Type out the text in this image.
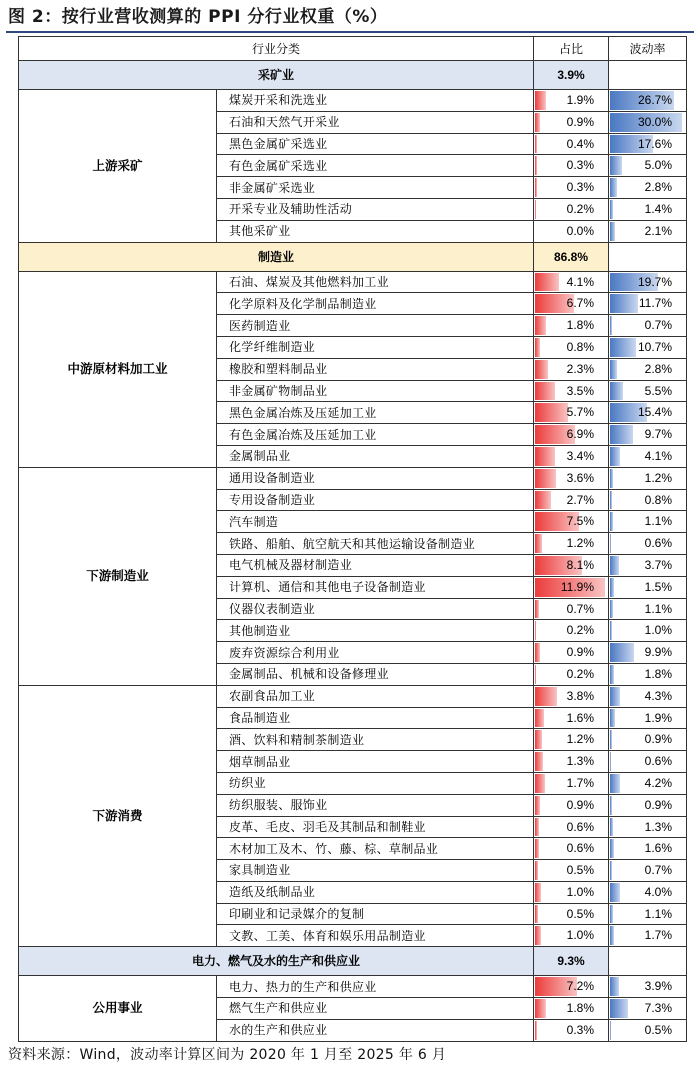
图 2：按行业营收测算的 PPI 分行业权重（%）
行业分类		占比	波动率
采矿业		3.9%	
上游采矿	煤炭开采和洗选业	1.9%	26.7%

	石油和天然气开采业	0.9%	30.0%

	黑色金属矿采选业	0.4%	17.6%

	有色金属矿采选业	0.3%	5.0%

	非金属矿采选业	0.3%	2.8%

	开采专业及辅助性活动	0.2%	1.4%

	其他采矿业	0.0%	2.1%

制造业		86.8%	
中游原材料加工业	石油、煤炭及其他燃料加工业	4.1%	19.7%

	化学原料及化学制品制造业	6.7%	11.7%

	医药制造业	1.8%	0.7%

	化学纤维制造业	0.8%	10.7%

	橡胶和塑料制品业	2.3%	2.8%

	非金属矿物制品业	3.5%	5.5%

	黑色金属冶炼及压延加工业	5.7%	15.4%

	有色金属冶炼及压延加工业	6.9%	9.7%

	金属制品业	3.4%	4.1%

下游制造业	通用设备制造业	3.6%	1.2%

	专用设备制造业	2.7%	0.8%

	汽车制造	7.5%	1.1%

	铁路、船舶、航空航天和其他运输设备制造业	1.2%	0.6%

	电气机械及器材制造业	8.1%	3.7%

	计算机、通信和其他电子设备制造业	11.9%	1.5%

	仪器仪表制造业	0.7%	1.1%

	其他制造业	0.2%	1.0%

	废弃资源综合利用业	0.9%	9.9%

	金属制品、机械和设备修理业	0.2%	1.8%

下游消费	农副食品加工业	3.8%	4.3%

	食品制造业	1.6%	1.9%

	酒、饮料和精制茶制造业	1.2%	0.9%

	烟草制品业	1.3%	0.6%

	纺织业	1.7%	4.2%

	纺织服装、服饰业	0.9%	0.9%

	皮革、毛皮、羽毛及其制品和制鞋业	0.6%	1.3%

	木材加工及木、竹、藤、棕、草制品业	0.6%	1.6%

	家具制造业	0.5%	0.7%

	造纸及纸制品业	1.0%	4.0%

	印刷业和记录媒介的复制	0.5%	1.1%

	文教、工美、体育和娱乐用品制造业	1.0%	1.7%

电力、燃气及水的生产和供应业		9.3%	
公用事业	电力、热力的生产和供应业	7.2%	3.9%

	燃气生产和供应业	1.8%	7.3%

	水的生产和供应业	0.3%	0.5%
资料来源：Wind，波动率计算区间为 2020 年 1 月至 2025 年 6 月
